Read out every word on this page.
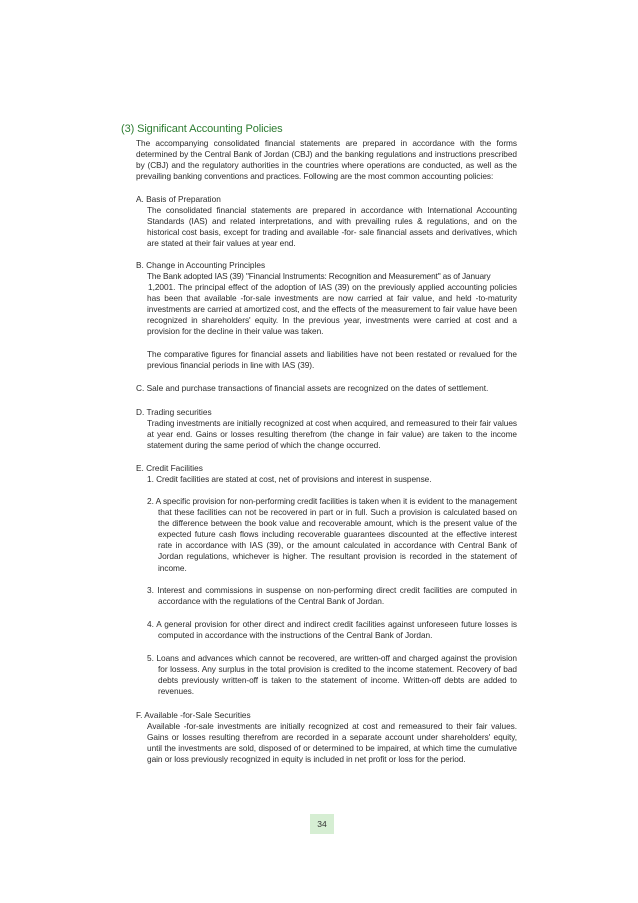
(3) Significant Accounting Policies

The accompanying consolidated financial statements are prepared in accordance with the forms determined by the Central Bank of Jordan (CBJ) and the banking regulations and instructions prescribed by (CBJ) and the regulatory authorities in the countries where operations are conducted, as well as the prevailing banking conventions and practices. Following are the most common accounting policies:

A. Basis of Preparation

The consolidated financial statements are prepared in accordance with International Accounting Standards (IAS) and related interpretations, and with prevailing rules & regulations, and on the historical cost basis, except for trading and available -for- sale financial assets and derivatives, which are stated at their fair values at year end.

B. Change in Accounting Principles
The Bank adopted IAS (39) "Financial Instruments: Recognition and Measurement" as of January

1,2001. The principal effect of the adoption of IAS (39) on the previously applied accounting policies has been that available -for-sale investments are now carried at fair value, and held -to-maturity investments are carried at amortized cost, and the effects of the measurement to fair value have been recognized in shareholders' equity. In the previous year, investments were carried at cost and a provision for the decline in their value was taken.

The comparative figures for financial assets and liabilities have not been restated or revalued for the previous financial periods in line with IAS (39).

C. Sale and purchase transactions of financial assets are recognized on the dates of settlement.
D. Trading securities

Trading investments are initially recognized at cost when acquired, and remeasured to their fair values at year end. Gains or losses resulting therefrom (the change in fair value) are taken to the income statement during the same period of which the change occurred.

E. Credit Facilities

1. Credit facilities are stated at cost, net of provisions and interest in suspense.

2. A specific provision for non-performing credit facilities is taken when it is evident to the management that these facilities can not be recovered in part or in full. Such a provision is calculated based on the difference between the book value and recoverable amount, which is the present value of the expected future cash flows including recoverable guarantees discounted at the effective interest rate in accordance with IAS (39), or the amount calculated in accordance with Central Bank of Jordan regulations, whichever is higher. The resultant provision is recorded in the statement of income.

3. Interest and commissions in suspense on non-performing direct credit facilities are computed in accordance with the regulations of the Central Bank of Jordan.

4. A general provision for other direct and indirect credit facilities against unforeseen future losses is computed in accordance with the instructions of the Central Bank of Jordan.

5. Loans and advances which cannot be recovered, are written-off and charged against the provision for lossess. Any surplus in the total provision is credited to the income statement. Recovery of bad debts previously written-off is taken to the statement of income. Written-off debts are added to revenues.

F. Available -for-Sale Securities

Available -for-sale investments are initially recognized at cost and remeasured to their fair values. Gains or losses resulting therefrom are recorded in a separate account under shareholders' equity, until the investments are sold, disposed of or determined to be impaired, at which time the cumulative gain or loss previously recognized in equity is included in net profit or loss for the period.

34
